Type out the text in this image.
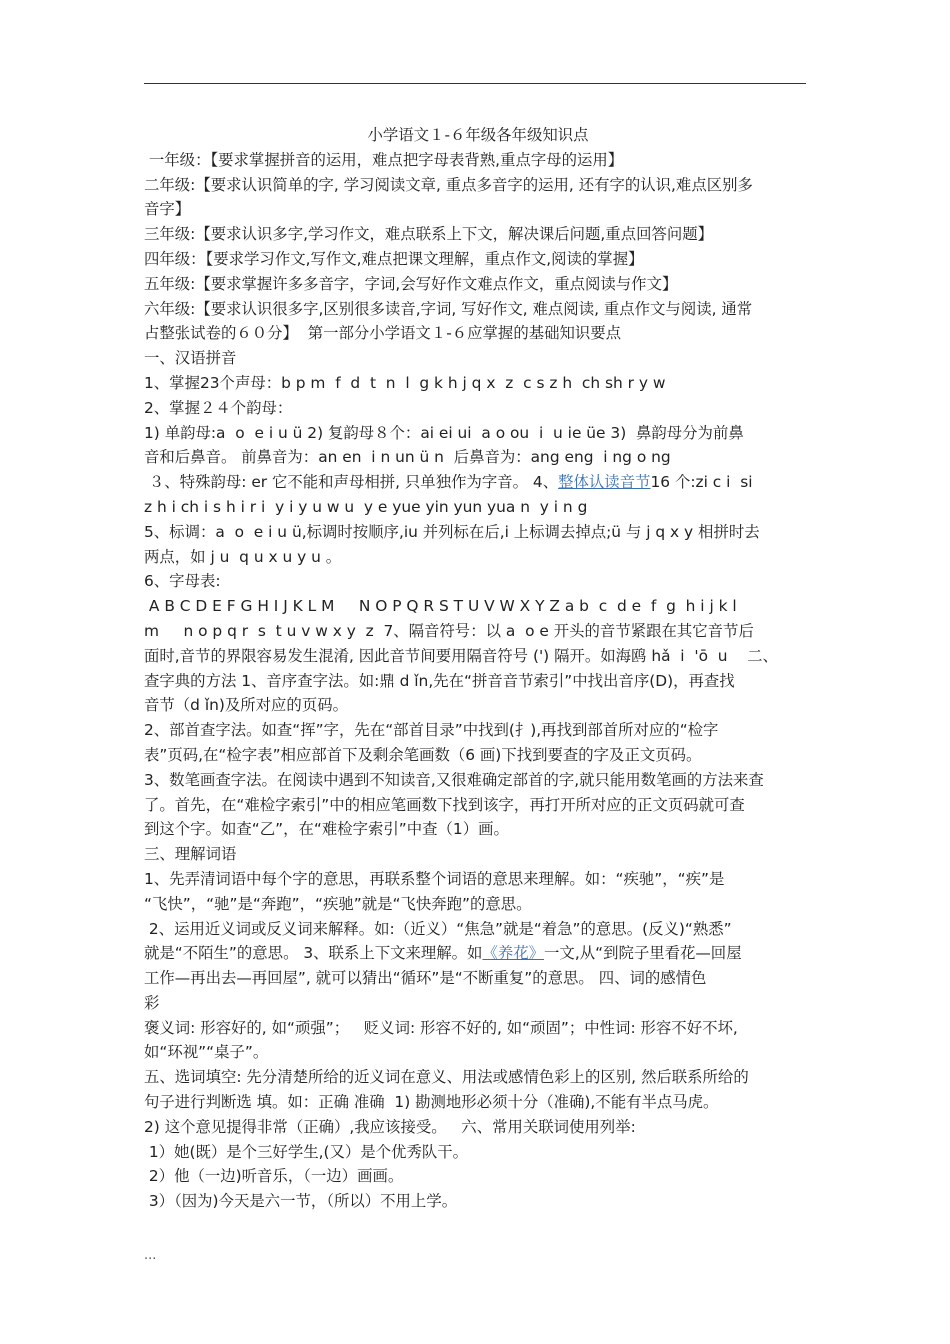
小学语文１-６年级各年级知识点
一年级：【要求掌握拼音的运用，难点把字母表背熟,重点字母的运用】
二年级:【要求认识简单的字, 学习阅读文章, 重点多音字的运用, 还有字的认识,难点区别多
音字】
三年级:【要求认识多字,学习作文，难点联系上下文，解决课后问题,重点回答问题】
四年级：【要求学习作文,写作文,难点把课文理解，重点作文,阅读的掌握】
五年级:【要求掌握许多多音字，字词,会写好作文难点作文，重点阅读与作文】
六年级:【要求认识很多字,区别很多读音,字词, 写好作文, 难点阅读, 重点作文与阅读, 通常
占整张试卷的６０分】  ﻿第一部分小学语文１-６应掌握的基础知识要点
一、汉语拼音
1、掌握23个声母：b p m  f  d  t  n  l  g k h j q x  z  c s z h  ch sh r y w
2、掌握２４个韵母：
1) 单韵母:a  o  e i u ü 2﻿) 复韵母８个：ai ei ui  a o ou  i  u ie üe 3﻿)  鼻韵母分为前鼻
音和后鼻音。 前鼻音为：an en  i n un ü n  后鼻音为：ang eng  i ng o ng
３、特殊韵母: er 它不能和声母相拼, 只单独作为字音。 4﻿、整体认读音节16 个:zi c i  si
z h i ch i s h i r i  y i y u w u  y e yue yin yun yua n  y i n g
5、标调：a  o  e i u ü,标调时按顺序,iu 并列标在后,i 上标调去掉点;ü 与 j q x y 相拼时去
两点，如 j u  q u x u y u 。
6、字母表:
A B C D E F G H I J K L M     N O P Q R S T U V W X Y Z a b  c  d e  f  g  h i j k l
m     n o p q r  s  t u v w x y  z  7﻿、隔音符号：以 a  o e 开头的音节紧跟在其它音节后
面时,音节的界限容易发生混淆, 因此音节间要用隔音符号 (') 隔开。如海鸥 hǎ  i  'ō  u    ﻿二、
查字典的方法 1﻿、音序查字法。如:鼎 d ǐn,先在“拼音音节索引”中找出音序(D)，再查找
音节（d ǐn)及所对应的页码。
2、部首查字法。如查“挥”字，先在“部首目录”中找到(扌),再找到部首所对应的“检字
表”页码,在“检字表”相应部首下及剩余笔画数（6 画)下找到要查的字及正文页码。
3、数笔画查字法。在阅读中遇到不知读音,又很难确定部首的字,就只能用数笔画的方法来查
了。首先，在“难检字索引”中的相应笔画数下找到该字，再打开所对应的正文页码就可查
到这个字。如查“乙”，在“难检字索引”中查（1）画。
三、理解词语
1、先弄清词语中每个字的意思，再联系整个词语的意思来理解。如：“疾驰”，“疾”是
“飞快”，“驰”是“奔跑”，“疾驰”就是“飞快奔跑”的意思。
2、运用近义词或反义词来解释。如:（近义）“焦急”就是“着急”的意思。(反义)“熟悉”
就是“不陌生”的意思。 3﻿、联系上下文来理解。如《养花》一文,从“到院子里看花—回屋
工作—再出去—再回屋”, 就可以猜出“循环”是“不断重复”的意思。 ﻿四、词的感情色
彩
褒义词: 形容好的, 如“顽强”；   贬义词: 形容不好的, 如“顽固”；中性词: 形容不好不坏,
如“环视”“桌子”。
五、选词填空: ﻿先分清楚所给的近义词在意义、用法或感情色彩上的区别, 然后联系所给的
句子进行判断选 填。如：正确 准确  1﻿) 勘测地形必须十分（准确),不能有半点马虎。
2) 这个意见提得非常（正确）,我应该接受。   ﻿六、常用关联词使用列举:
1）她(既）是个三好学生,(又）是个优秀队干。
2）他（一边)听音乐，（一边）画画。
3）（因为)今天是六一节，（所以）不用上学。
...
